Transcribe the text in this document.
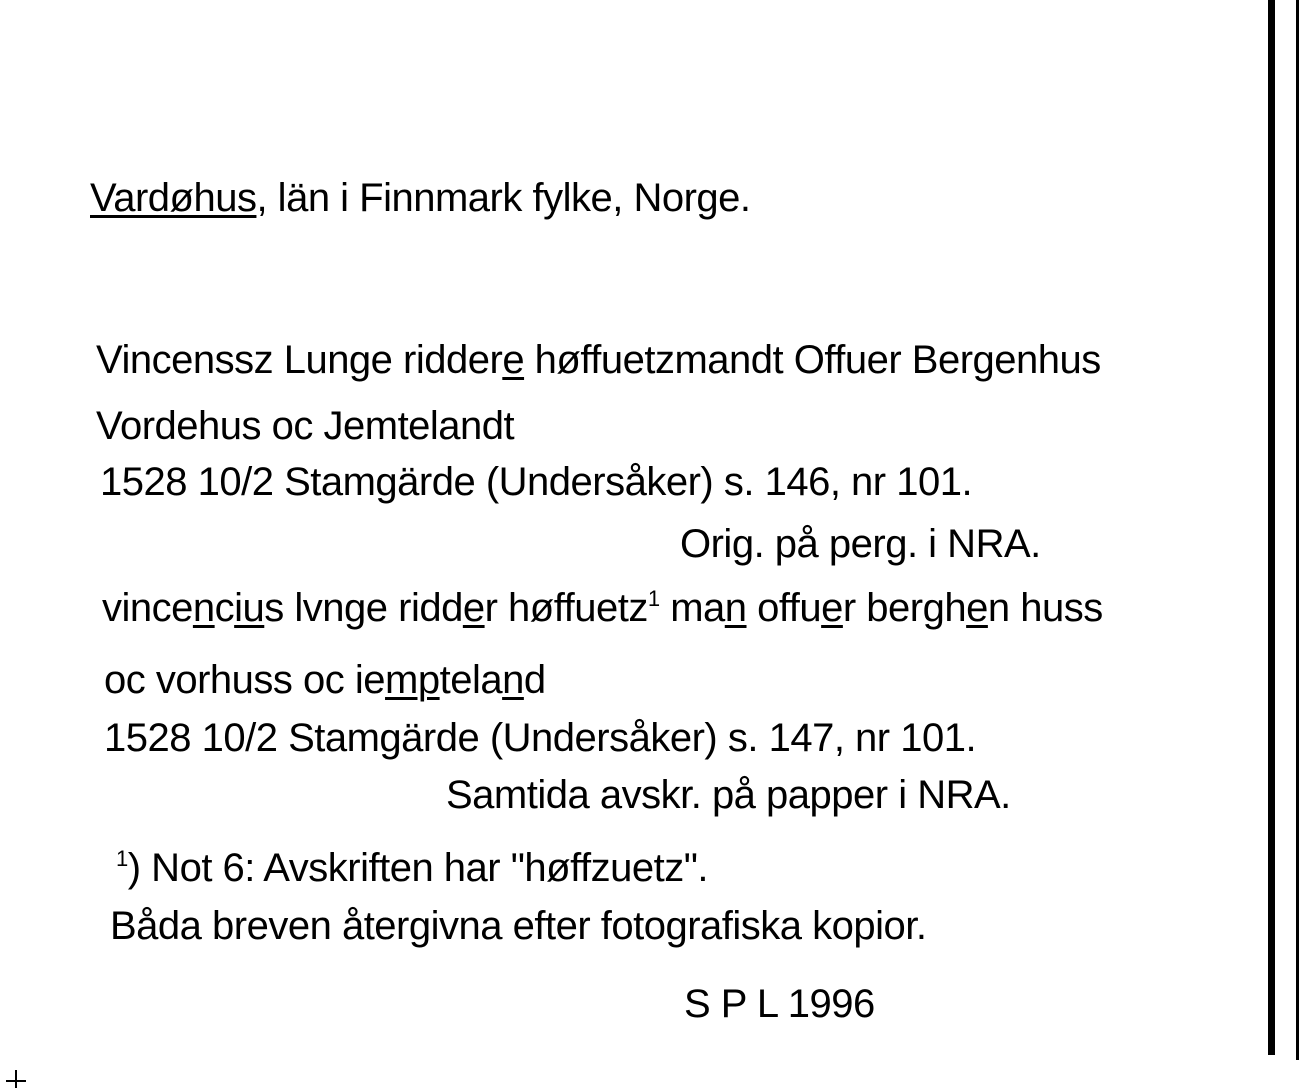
Vardøhus, län i Finnmark fylke, Norge.
Vincenssz Lunge riddere høffuetzmandt Offuer Bergenhus
Vordehus oc Jemtelandt
1528 10/2 Stamgärde (Undersåker) s. 146, nr 101.
Orig. på perg. i NRA.
vincencius lvnge ridder høffuetz$^1$ man offuer berghen huss
oc vorhuss oc iempteland
1528 10/2 Stamgärde (Undersåker) s. 147, nr 101.
Samtida avskr. på papper i NRA.
$^1$) Not 6: Avskriften har "høffzuetz".
Båda breven återgivna efter fotografiska kopior.
S P L 1996
